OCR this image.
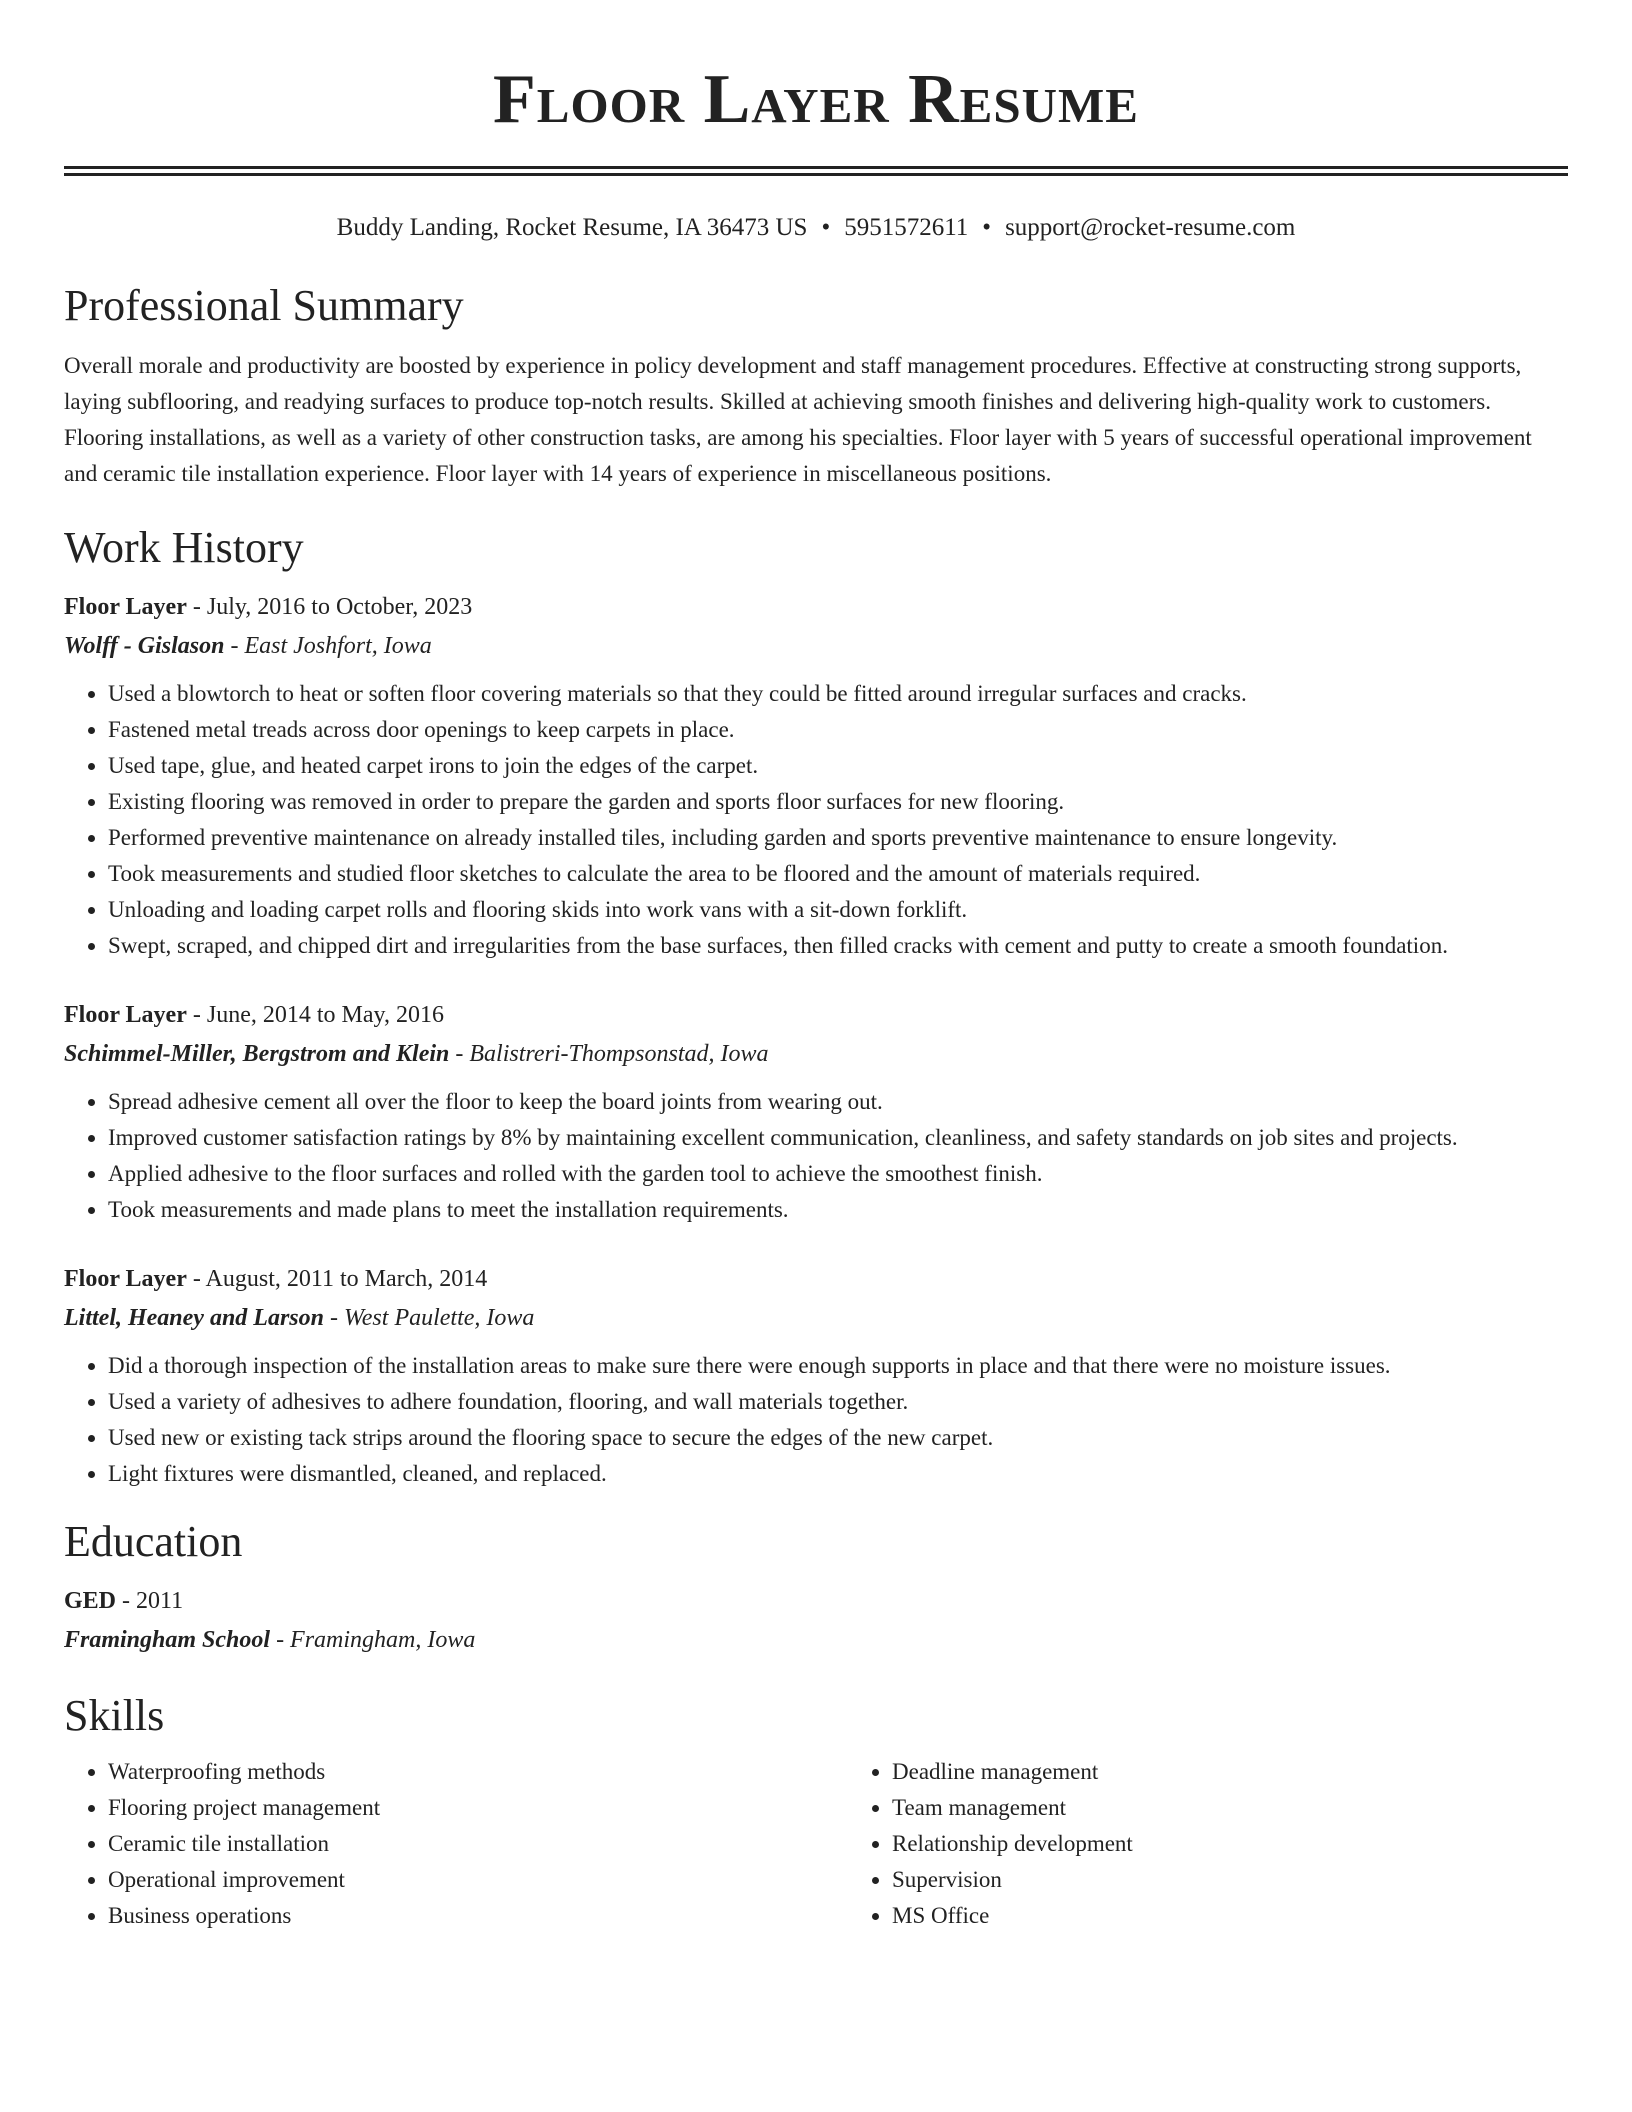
Floor Layer Resume
Buddy Landing, Rocket Resume, IA 36473 US • 5951572611 • support@rocket-resume.com
Professional Summary

Overall morale and productivity are boosted by experience in policy development and staff management procedures. Effective at constructing strong supports, laying subflooring, and readying surfaces to produce top-notch results. Skilled at achieving smooth finishes and delivering high-quality work to customers. Flooring installations, as well as a variety of other construction tasks, are among his specialties. Floor layer with 5 years of successful operational improvement and ceramic tile installation experience. Floor layer with 14 years of experience in miscellaneous positions.

Work History
Floor Layer - July, 2016 to October, 2023
Wolff - Gislason - East Joshfort, Iowa
• Used a blowtorch to heat or soften floor covering materials so that they could be fitted around irregular surfaces and cracks.
• Fastened metal treads across door openings to keep carpets in place.
• Used tape, glue, and heated carpet irons to join the edges of the carpet.
• Existing flooring was removed in order to prepare the garden and sports floor surfaces for new flooring.
• Performed preventive maintenance on already installed tiles, including garden and sports preventive maintenance to ensure longevity.
• Took measurements and studied floor sketches to calculate the area to be floored and the amount of materials required.
• Unloading and loading carpet rolls and flooring skids into work vans with a sit-down forklift.
• Swept, scraped, and chipped dirt and irregularities from the base surfaces, then filled cracks with cement and putty to create a smooth foundation.
Floor Layer - June, 2014 to May, 2016
Schimmel-Miller, Bergstrom and Klein - Balistreri-Thompsonstad, Iowa
• Spread adhesive cement all over the floor to keep the board joints from wearing out.
• Improved customer satisfaction ratings by 8% by maintaining excellent communication, cleanliness, and safety standards on job sites and projects.
• Applied adhesive to the floor surfaces and rolled with the garden tool to achieve the smoothest finish.
• Took measurements and made plans to meet the installation requirements.
Floor Layer - August, 2011 to March, 2014
Littel, Heaney and Larson - West Paulette, Iowa
• Did a thorough inspection of the installation areas to make sure there were enough supports in place and that there were no moisture issues.
• Used a variety of adhesives to adhere foundation, flooring, and wall materials together.
• Used new or existing tack strips around the flooring space to secure the edges of the new carpet.
• Light fixtures were dismantled, cleaned, and replaced.
Education
GED - 2011
Framingham School - Framingham, Iowa
Skills
• Waterproofing methods
• Flooring project management
• Ceramic tile installation
• Operational improvement
• Business operations
• Deadline management
• Team management
• Relationship development
• Supervision
• MS Office
